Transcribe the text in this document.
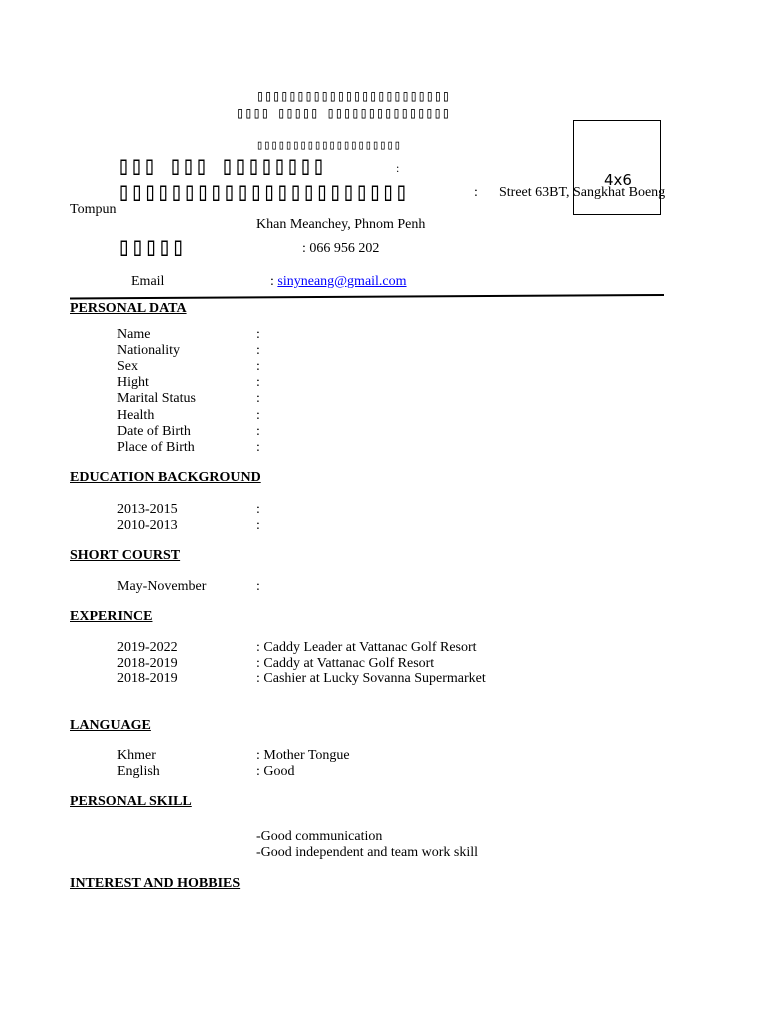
▯▯▯▯▯▯▯▯▯▯▯▯▯▯▯▯▯▯▯▯▯▯▯▯
▯▯▯▯ ▯▯▯▯▯ ▯▯▯▯▯▯▯▯▯▯▯▯▯▯▯
▯▯▯▯▯▯▯▯▯▯▯▯▯▯▯▯▯▯▯▯
4x6
▯▯▯ ▯▯▯ ▯▯▯▯▯▯▯▯	:
▯▯▯▯▯▯▯▯▯▯▯▯▯▯▯▯▯▯▯▯▯▯	: Street 63BT, Sangkhat Boeng
Tompun
Khan Meanchey, Phnom Penh
▯▯▯▯▯	: 066 956 202

Email	: sinyneang@gmail.com

PERSONAL DATA
Name	:
Nationality	:
Sex	:
Hight	:
Marital Status	:
Health	:
Date of Birth	:
Place of Birth	:
EDUCATION BACKGROUND
2013-2015	:
2010-2013	:
SHORT COURST
May-November	:
EXPERINCE
2019-2022	: Caddy Leader at Vattanac Golf Resort
2018-2019	: Caddy at Vattanac Golf Resort
2018-2019	: Cashier at Lucky Sovanna Supermarket
LANGUAGE
Khmer	: Mother Tongue
English	: Good
PERSONAL SKILL
-Good communication
-Good independent and team work skill
INTEREST AND HOBBIES
